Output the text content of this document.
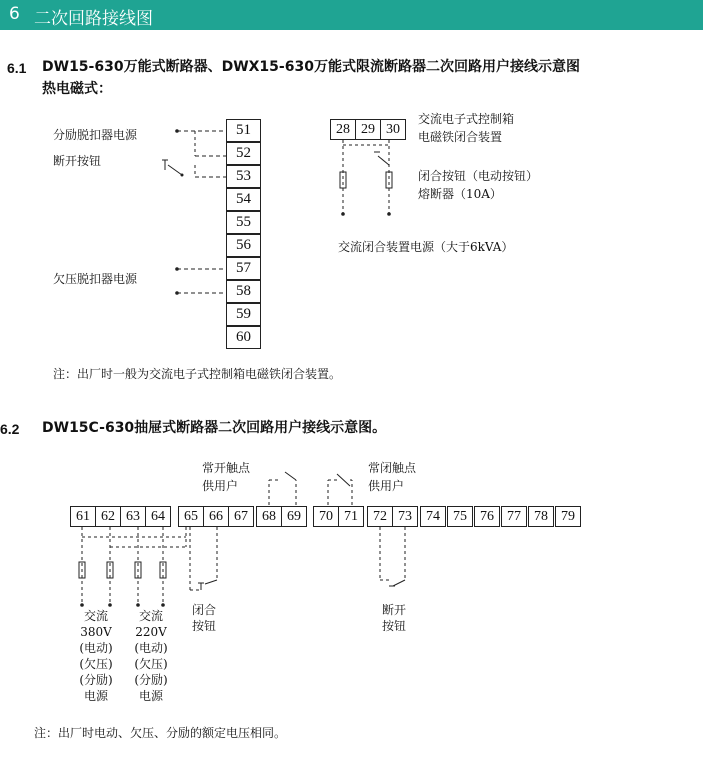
6 二次回路接线图
6.1 DW15-630万能式断路器、DWX15-630万能式限流断路器二次回路用户接线示意图
热电磁式：
51
52
53
54
55
56
57
58
59
60
分励脱扣器电源
断开按钮
欠压脱扣器电源
28 29 30
交流电子式控制箱
电磁铁闭合装置
闭合按钮（电动按钮）
熔断器（10A）
交流闭合装置电源（大于6kVA）
注：出厂时一般为交流电子式控制箱电磁铁闭合装置。
6.2 DW15C-630抽屉式断路器二次回路用户接线示意图。
常开触点
供用户
常闭触点
供用户
61 62 63 64	65 66 67	68 69	70 71	72 73	74 75 76 77 78 79
交流
380V
(电动)
(欠压)
(分励)
电源
交流
220V
(电动)
(欠压)
(分励)
电源
闭合
按钮
断开
按钮
注：出厂时电动、欠压、分励的额定电压相同。
